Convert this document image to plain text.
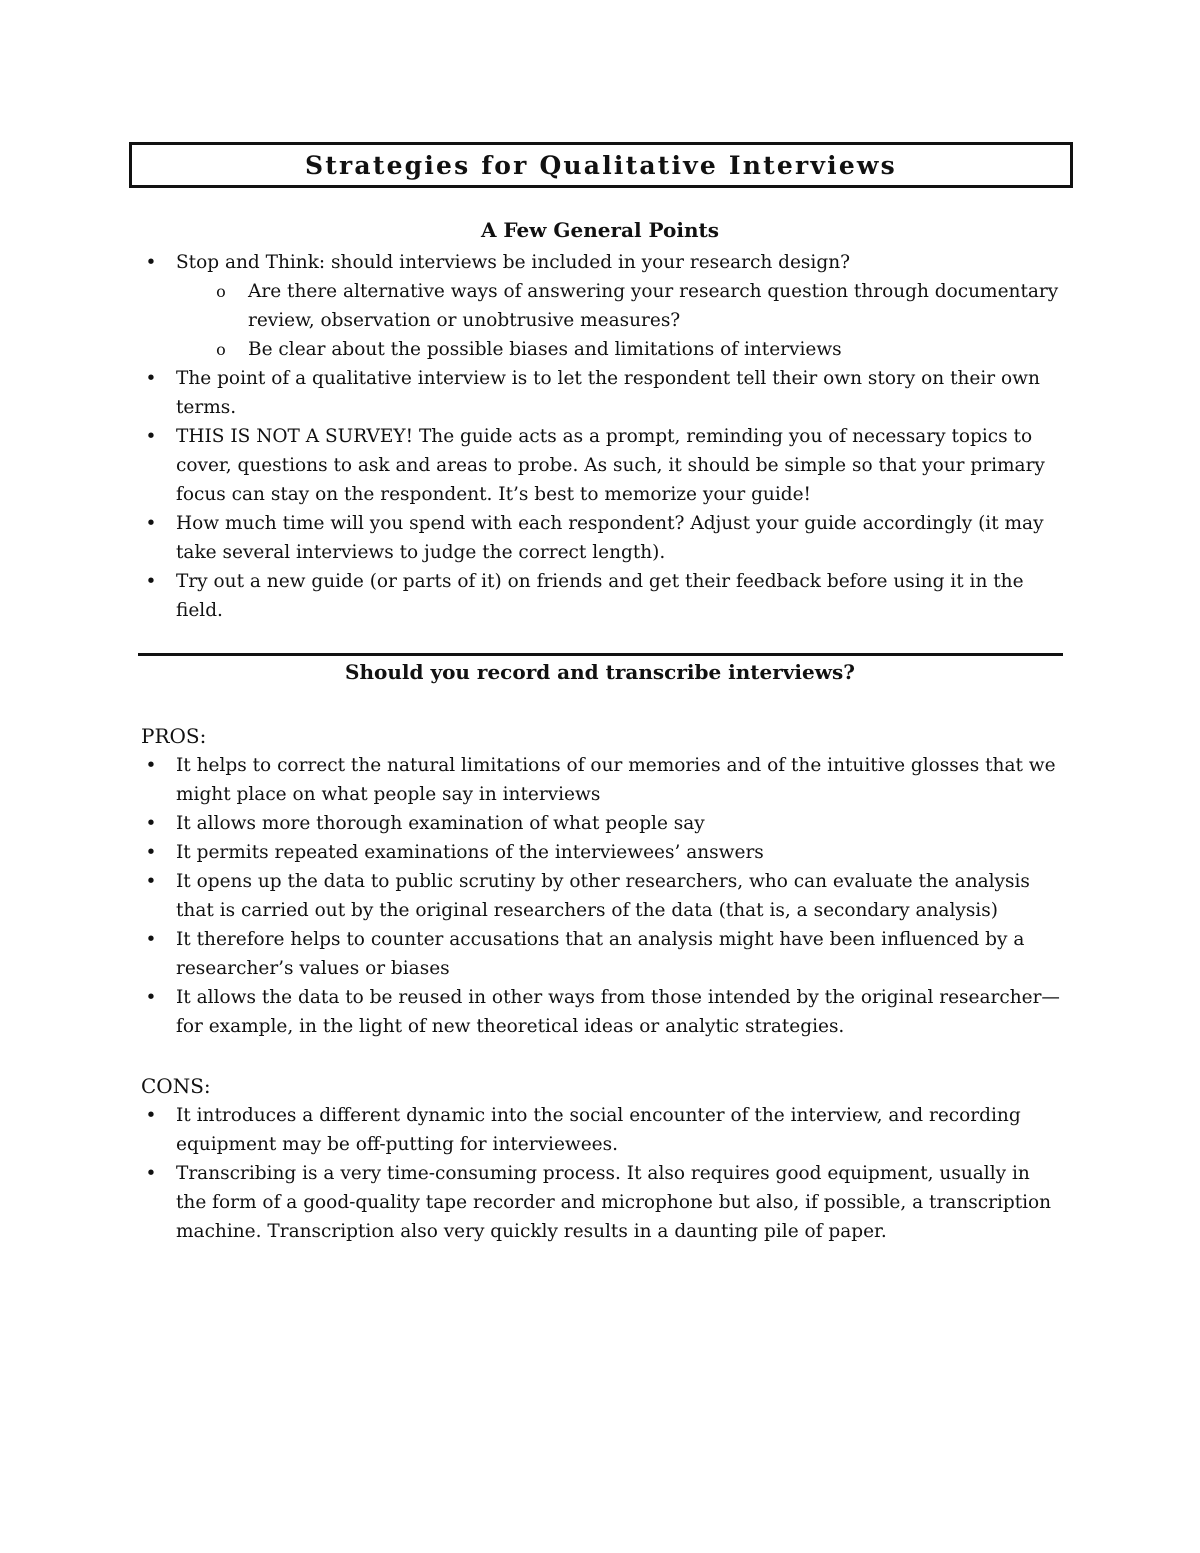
Strategies for Qualitative Interviews
A Few General Points
• Stop and Think: should interviews be included in your research design?
o Are there alternative ways of answering your research question through documentary review, observation or unobtrusive measures?
o Be clear about the possible biases and limitations of interviews
• The point of a qualitative interview is to let the respondent tell their own story on their own terms.
• THIS IS NOT A SURVEY! The guide acts as a prompt, reminding you of necessary topics to cover, questions to ask and areas to probe. As such, it should be simple so that your primary focus can stay on the respondent. It’s best to memorize your guide!
• How much time will you spend with each respondent? Adjust your guide accordingly (it may take several interviews to judge the correct length).
• Try out a new guide (or parts of it) on friends and get their feedback before using it in the field.
Should you record and transcribe interviews?

PROS:

• It helps to correct the natural limitations of our memories and of the intuitive glosses that we might place on what people say in interviews
• It allows more thorough examination of what people say
• It permits repeated examinations of the interviewees’ answers
• It opens up the data to public scrutiny by other researchers, who can evaluate the analysis that is carried out by the original researchers of the data (that is, a secondary analysis)
• It therefore helps to counter accusations that an analysis might have been influenced by a researcher’s values or biases
• It allows the data to be reused in other ways from those intended by the original researcher—for example, in the light of new theoretical ideas or analytic strategies.

CONS:

• It introduces a different dynamic into the social encounter of the interview, and recording equipment may be off-putting for interviewees.
• Transcribing is a very time-consuming process. It also requires good equipment, usually in the form of a good-quality tape recorder and microphone but also, if possible, a transcription machine. Transcription also very quickly results in a daunting pile of paper.
